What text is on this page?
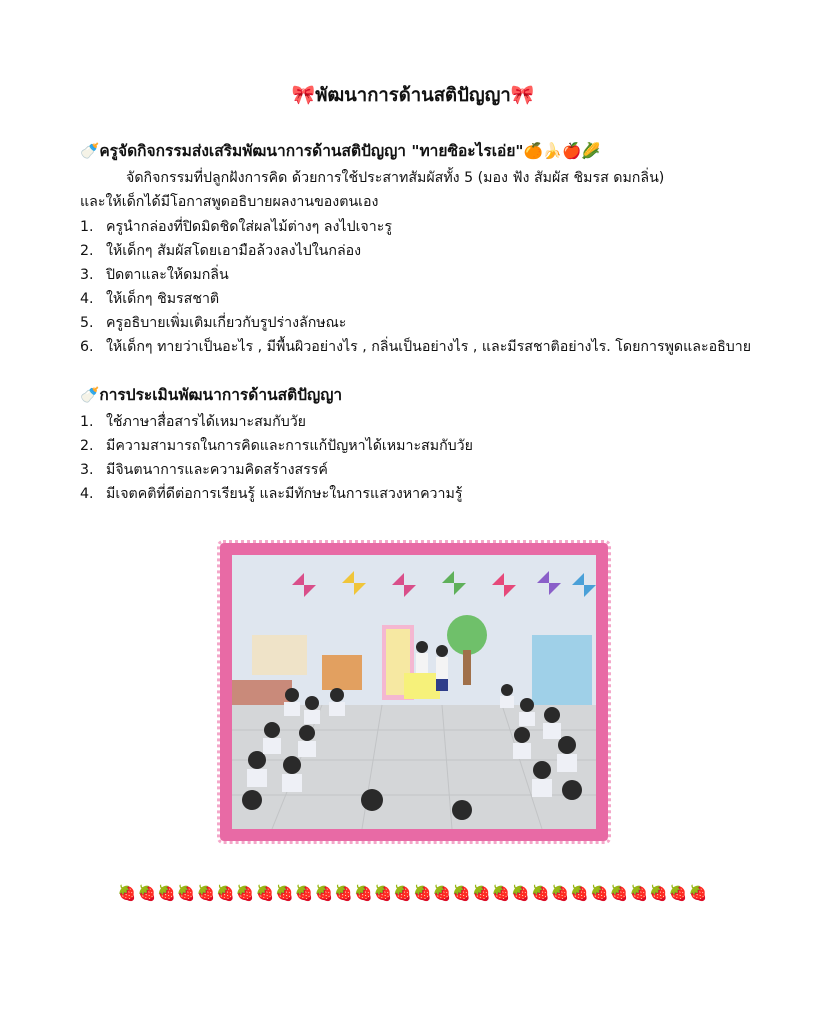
🎀พัฒนาการด้านสติปัญญา🎀
🍼ครูจัดกิจกรรมส่งเสริมพัฒนาการด้านสติปัญญา "ทายซิอะไรเอ่ย"🍊🍌🍎🌽
จัดกิจกรรมที่ปลูกฝังการคิด ด้วยการใช้ประสาทสัมผัสทั้ง 5 (มอง ฟัง สัมผัส ชิมรส ดมกลิ่น)
และให้เด็กได้มีโอกาสพูดอธิบายผลงานของตนเอง
1. ครูนำกล่องที่ปิดมิดชิดใส่ผลไม้ต่างๆ ลงไปเจาะรู
2. ให้เด็กๆ สัมผัสโดยเอามือล้วงลงไปในกล่อง
3. ปิดตาและให้ดมกลิ่น
4. ให้เด็กๆ ชิมรสชาติ
5. ครูอธิบายเพิ่มเติมเกี่ยวกับรูปร่างลักษณะ
6. ให้เด็กๆ ทายว่าเป็นอะไร , มีพื้นผิวอย่างไร , กลิ่นเป็นอย่างไร , และมีรสชาติอย่างไร. โดยการพูดและอธิบาย
🍼การประเมินพัฒนาการด้านสติปัญญา
1. ใช้ภาษาสื่อสารได้เหมาะสมกับวัย
2. มีความสามารถในการคิดและการแก้ปัญหาได้เหมาะสมกับวัย
3. มีจินตนาการและความคิดสร้างสรรค์
4. มีเจตคติที่ดีต่อการเรียนรู้ และมีทักษะในการแสวงหาความรู้
🍓🍓🍓🍓🍓🍓🍓🍓🍓🍓🍓🍓🍓🍓🍓🍓🍓🍓🍓🍓🍓🍓🍓🍓🍓🍓🍓🍓🍓🍓
